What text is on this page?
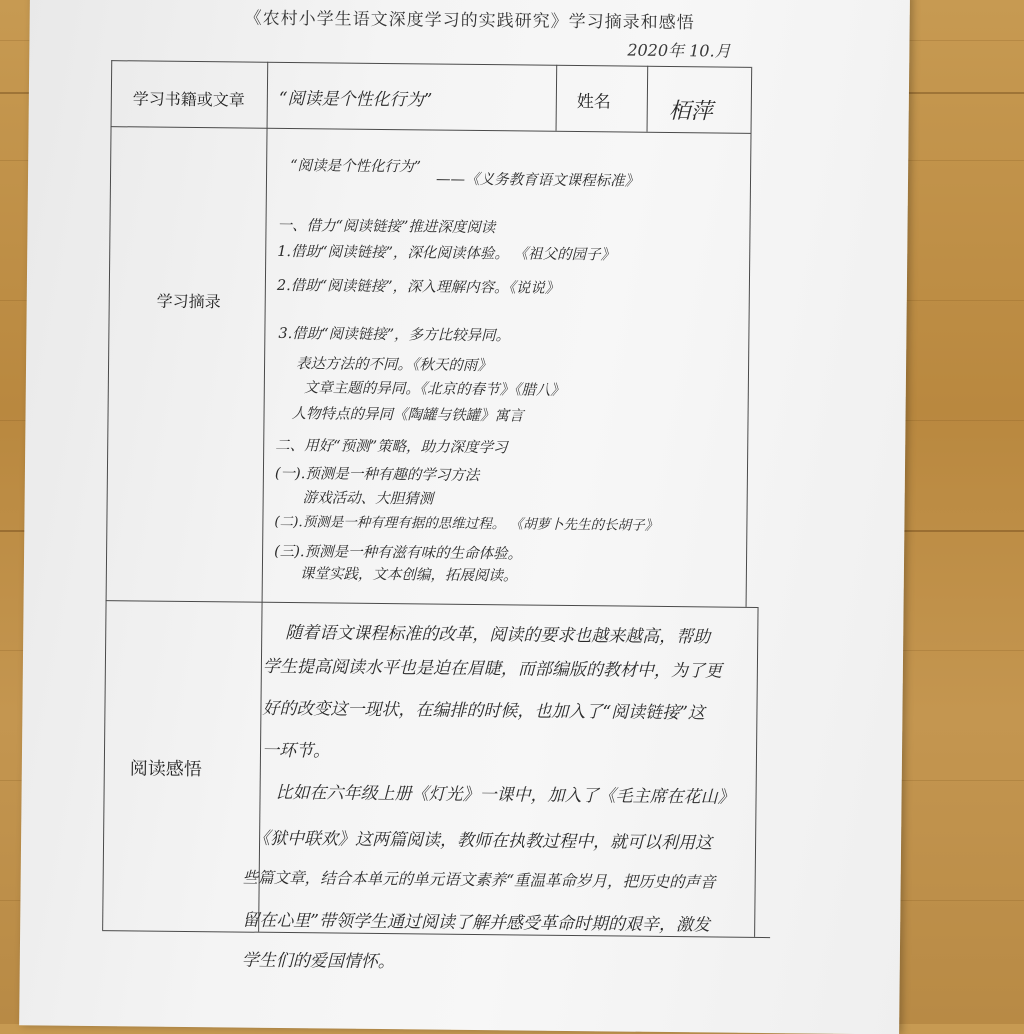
《农村小学生语文深度学习的实践研究》学习摘录和感悟
2020年 10.月
学习书籍或文章 “阅读是个性化行为”	姓名	栢萍
学习摘录
“阅读是个性化行为”
——《义务教育语文课程标准》
一、借力“阅读链接”推进深度阅读
1.借助“阅读链接”，深化阅读体验。 《祖父的园子》
2.借助“阅读链接”，深入理解内容。《说说》
3.借助“阅读链接”，多方比较异同。
表达方法的不同。《秋天的雨》
文章主题的异同。《北京的春节》《腊八》
人物特点的异同《陶罐与铁罐》寓言
二、用好“预测”策略，助力深度学习
(一).预测是一种有趣的学习方法
游戏活动、大胆猜测
(二).预测是一种有理有据的思维过程。 《胡萝卜先生的长胡子》
(三).预测是一种有滋有味的生命体验。
课堂实践，文本创编，拓展阅读。
阅读感悟
随着语文课程标准的改革，阅读的要求也越来越高，帮助
学生提高阅读水平也是迫在眉睫，而部编版的教材中，为了更
好的改变这一现状，在编排的时候，也加入了“阅读链接”这
一环节。
比如在六年级上册《灯光》一课中，加入了《毛主席在花山》
《狱中联欢》这两篇阅读，教师在执教过程中，就可以利用这
些篇文章，结合本单元的单元语文素养“重温革命岁月，把历史的声音
留在心里”带领学生通过阅读了解并感受革命时期的艰辛，激发
学生们的爱国情怀。
